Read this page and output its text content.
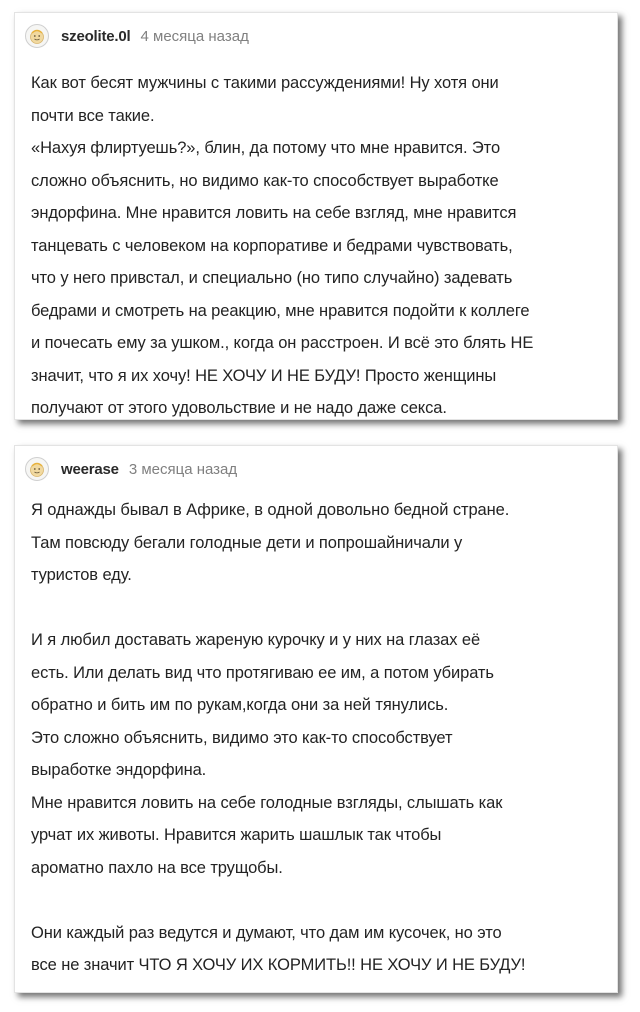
szeolite.0l 4 месяца назад
Как вот бесят мужчины с такими рассуждениями! Ну хотя они
почти все такие.
«Нахуя флиртуешь?», блин, да потому что мне нравится. Это
сложно объяснить, но видимо как-то способствует выработке
эндорфина. Мне нравится ловить на себе взгляд, мне нравится
танцевать с человеком на корпоративе и бедрами чувствовать,
что у него привстал, и специально (но типо случайно) задевать
бедрами и смотреть на реакцию, мне нравится подойти к коллеге
и почесать ему за ушком., когда он расстроен. И всё это блять НЕ
значит, что я их хочу! НЕ ХОЧУ И НЕ БУДУ! Просто женщины
получают от этого удовольствие и не надо даже секса.
weerase 3 месяца назад
Я однажды бывал в Африке, в одной довольно бедной стране.
Там повсюду бегали голодные дети и попрошайничали у
туристов еду.
И я любил доставать жареную курочку и у них на глазах её
есть. Или делать вид что протягиваю ее им, а потом убирать
обратно и бить им по рукам,когда они за ней тянулись.
Это сложно объяснить, видимо это как-то способствует
выработке эндорфина.
Мне нравится ловить на себе голодные взгляды, слышать как
урчат их животы. Нравится жарить шашлык так чтобы
ароматно пахло на все трущобы.
Они каждый раз ведутся и думают, что дам им кусочек, но это
все не значит ЧТО Я ХОЧУ ИХ КОРМИТЬ!! НЕ ХОЧУ И НЕ БУДУ!
